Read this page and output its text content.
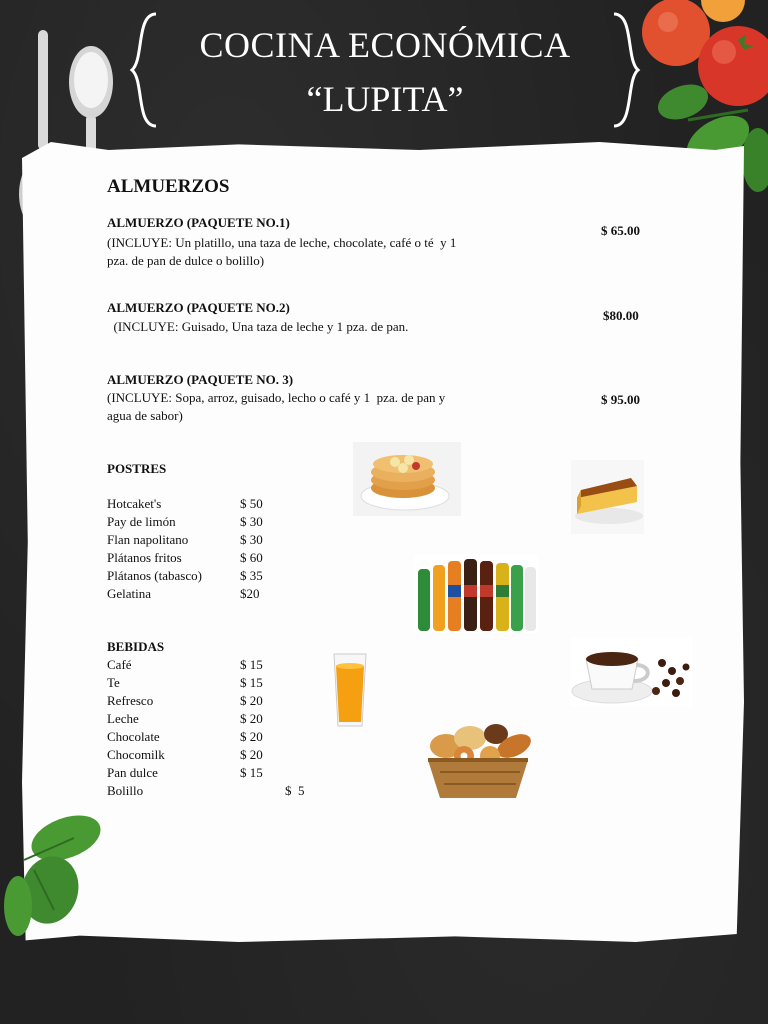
COCINA ECONÓMICA
“LUPITA”
ALMUERZOS
ALMUERZO (PAQUETE NO.1)
(INCLUYE: Un platillo, una taza de leche, chocolate, café o té  y 1
pza. de pan de dulce o bolillo)
$ 65.00
ALMUERZO (PAQUETE NO.2)
(INCLUYE: Guisado, Una taza de leche y 1 pza. de pan.
$80.00
ALMUERZO (PAQUETE NO. 3)
(INCLUYE: Sopa, arroz, guisado, lecho o café y 1  pza. de pan y
agua de sabor)
$ 95.00
POSTRES
Hotcaket's	$ 50
Pay de limón	$ 30
Flan napolitano	$ 30
Plátanos fritos	$ 60
Plátanos (tabasco)	$ 35
Gelatina	$20
BEBIDAS
Café	$ 15
Te	$ 15
Refresco	$ 20
Leche	$ 20
Chocolate	$ 20
Chocomilk	$ 20
Pan dulce	$ 15
Bolillo	$  5
